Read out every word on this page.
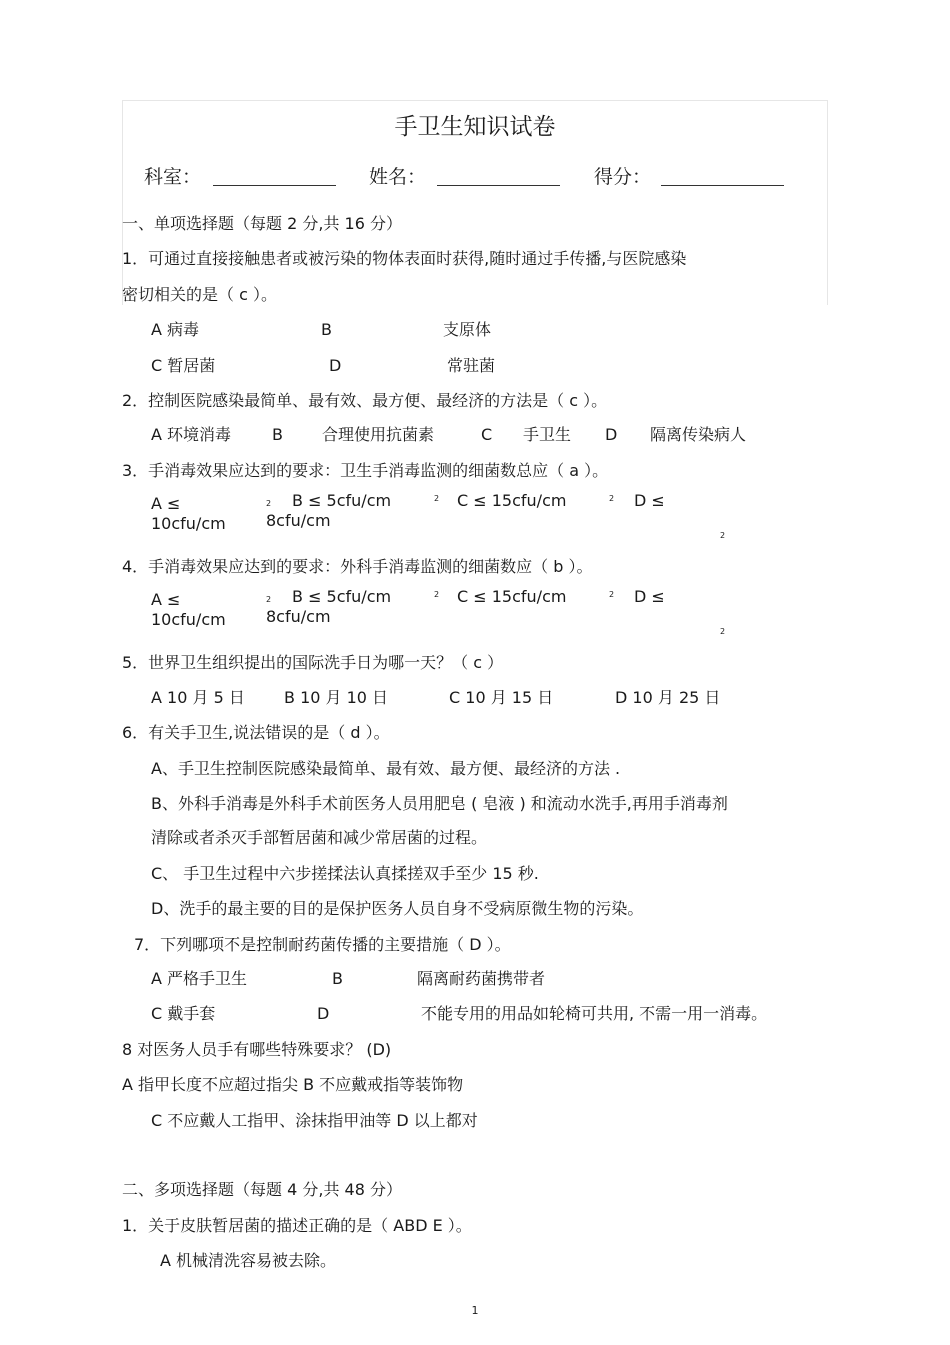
手卫生知识试卷
科室：	姓名：	得分：
一、单项选择题（每题 2 分,共 16 分）
1．可通过直接接触患者或被污染的物体表面时获得,随时通过手传播,与医院感染
密切相关的是（ c ）。
A 病毒	B	支原体
C 暂居菌	D	常驻菌
2．控制医院感染最简单、最有效、最方便、最经济的方法是（ c ）。
A 环境消毒	B 合理使用抗菌素	C 手卫生 D 隔离传染病人
3．手消毒效果应达到的要求：卫生手消毒监测的细菌数总应（ a ）。
A ≤
10cfu/cm
2 B ≤ 5cfu/cm	2
8cfu/cm
C ≤ 15cfu/cm	2 D ≤
2
4．手消毒效果应达到的要求：外科手消毒监测的细菌数应（ b ）。
A ≤
10cfu/cm
2 B ≤ 5cfu/cm	2
8cfu/cm
C ≤ 15cfu/cm	2 D ≤
2
5．世界卫生组织提出的国际洗手日为哪一天？（ c ）
A 10 月 5 日 B 10 月 10 日	C 10 月 15 日	D 10 月 25 日
6．有关手卫生,说法错误的是（ d ）。
A、手卫生控制医院感染最简单、最有效、最方便、最经济的方法 .
B、外科手消毒是外科手术前医务人员用肥皂 ( 皂液 ) 和流动水洗手,再用手消毒剂
清除或者杀灭手部暂居菌和减少常居菌的过程。
C、 手卫生过程中六步搓揉法认真揉搓双手至少 15 秒.
D、洗手的最主要的目的是保护医务人员自身不受病原微生物的污染。
7．下列哪项不是控制耐药菌传播的主要措施（ D ）。
A 严格手卫生	B	隔离耐药菌携带者
C 戴手套	D	不能专用的用品如轮椅可共用, 不需一用一消毒。
8 对医务人员手有哪些特殊要求？ (D)
A 指甲长度不应超过指尖 B 不应戴戒指等装饰物
C 不应戴人工指甲、涂抹指甲油等 D 以上都对
二、多项选择题（每题 4 分,共 48 分）
1．关于皮肤暂居菌的描述正确的是（ ABD E ）。
A 机械清洗容易被去除。
1
